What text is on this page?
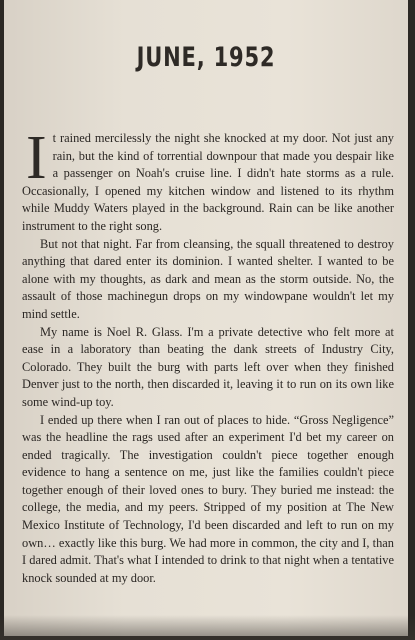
JUNE, 1952

It rained mercilessly the night she knocked at my door. Not just any rain, but the kind of torrential downpour that made you despair like a passenger on Noah's cruise line. I didn't hate storms as a rule. Occasionally, I opened my kitchen window and listened to its rhythm while Muddy Waters played in the background. Rain can be like another instrument to the right song.

But not that night. Far from cleansing, the squall threatened to destroy anything that dared enter its dominion. I wanted shelter. I wanted to be alone with my thoughts, as dark and mean as the storm outside. No, the assault of those machinegun drops on my windowpane wouldn't let my mind settle.

My name is Noel R. Glass. I'm a private detective who felt more at ease in a laboratory than beating the dank streets of Industry City, Colorado. They built the burg with parts left over when they finished Denver just to the north, then discarded it, leaving it to run on its own like some wind-up toy.

I ended up there when I ran out of places to hide. “Gross Negligence” was the headline the rags used after an experiment I'd bet my career on ended tragically. The investigation couldn't piece together enough evidence to hang a sentence on me, just like the families couldn't piece together enough of their loved ones to bury. They buried me instead: the college, the media, and my peers. Stripped of my position at The New Mexico Institute of Technology, I'd been discarded and left to run on my own… exactly like this burg. We had more in common, the city and I, than I dared admit. That's what I intended to drink to that night when a tentative knock sounded at my door.
